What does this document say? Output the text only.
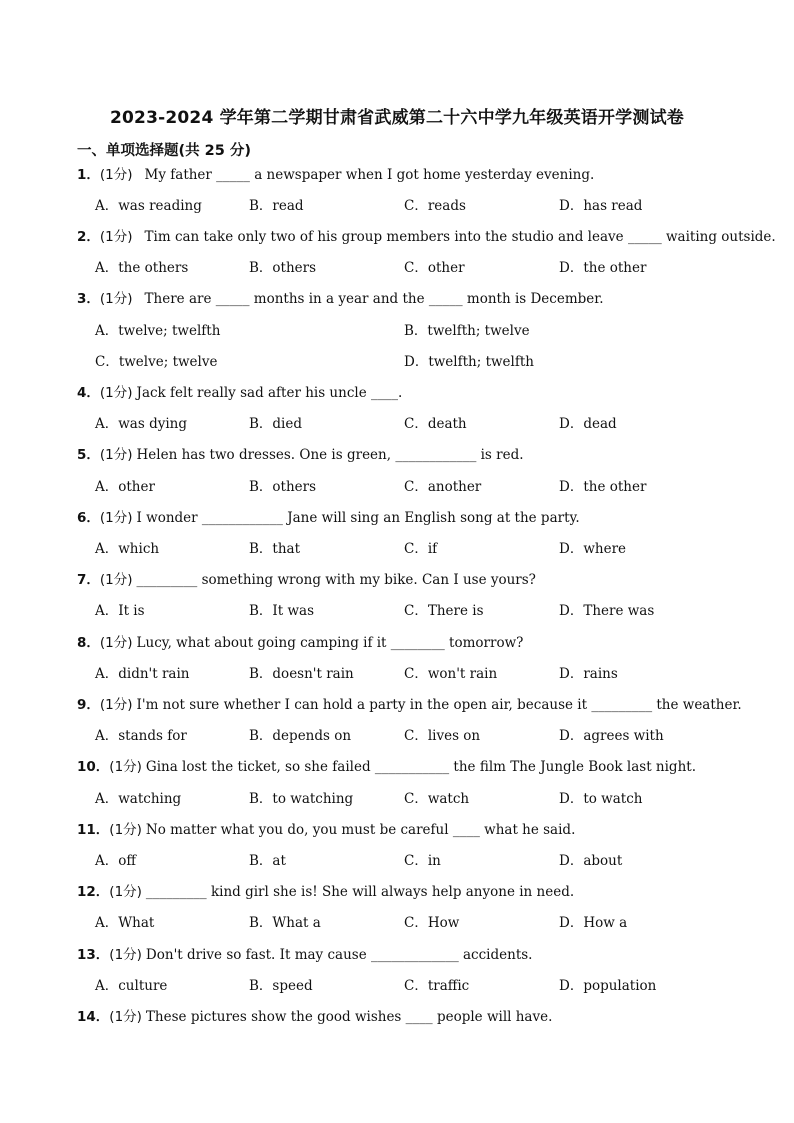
2023-2024 学年第二学期甘肃省武威第二十六中学九年级英语开学测试卷
一、单项选择题(共 25 分)
1．(1分) My father _____ a newspaper when I got home yesterday evening.
A．was reading	B．read	C．reads	D．has read
2．(1分) Tim can take only two of his group members into the studio and leave _____ waiting outside.
A．the others	B．others	C．other	D．the other
3．(1分) There are _____ months in a year and the _____ month is December.
A．twelve; twelfth	B．twelfth; twelve
C．twelve; twelve	D．twelfth; twelfth
4．(1分) Jack felt really sad after his uncle ____.
A．was dying	B．died	C．death	D．dead
5．(1分) Helen has two dresses. One is green, ____________ is red.
A．other	B．others	C．another	D．the other
6．(1分) I wonder ____________ Jane will sing an English song at the party.
A．which	B．that	C．if	D．where
7．(1分) _________ something wrong with my bike. Can I use yours?
A．It is	B．It was	C．There is	D．There was
8．(1分) Lucy, what about going camping if it ________ tomorrow?
A．didn't rain	B．doesn't rain	C．won't rain	D．rains
9．(1分) I'm not sure whether I can hold a party in the open air, because it _________ the weather.
A．stands for	B．depends on	C．lives on	D．agrees with
10．(1分) Gina lost the ticket, so she failed ___________ the film The Jungle Book last night.
A．watching	B．to watching	C．watch	D．to watch
11．(1分) No matter what you do, you must be careful ____ what he said.
A．off	B．at	C．in	D．about
12．(1分) _________ kind girl she is! She will always help anyone in need.
A．What	B．What a	C．How	D．How a
13．(1分) Don't drive so fast. It may cause _____________ accidents.
A．culture	B．speed	C．traffic	D．population
14．(1分) These pictures show the good wishes ____ people will have.
